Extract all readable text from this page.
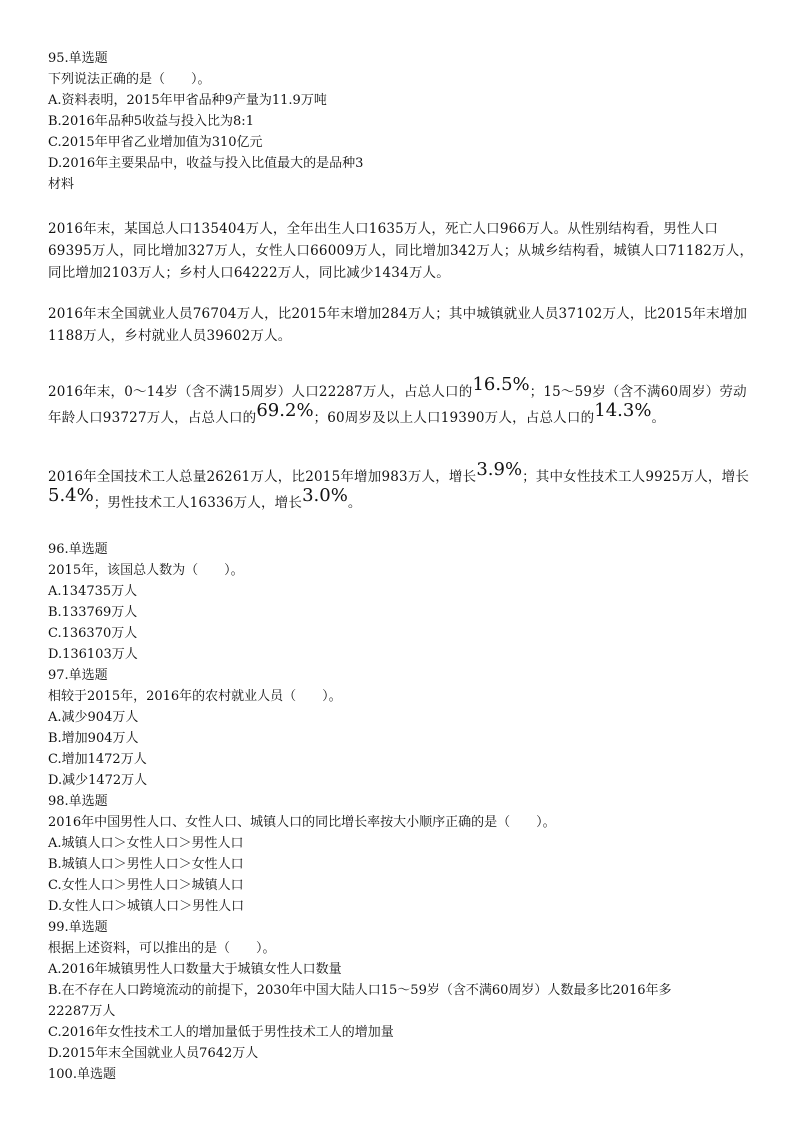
95.单选题
下列说法正确的是（　　）。
A.资料表明，2015年甲省品种9产量为11.9万吨
B.2016年品种5收益与投入比为8:1
C.2015年甲省乙业增加值为310亿元
D.2016年主要果品中，收益与投入比值最大的是品种3
材料
2016年末，某国总人口135404万人，全年出生人口1635万人，死亡人口966万人。从性别结构看，男性人口
69395万人，同比增加327万人，女性人口66009万人，同比增加342万人；从城乡结构看，城镇人口71182万人，
同比增加2103万人；乡村人口64222万人，同比减少1434万人。
2016年末全国就业人员76704万人，比2015年末增加284万人；其中城镇就业人员37102万人，比2015年末增加
1188万人，乡村就业人员39602万人。
2016年末，0～14岁（含不满15周岁）人口22287万人，占总人口的16.5%；15～59岁（含不满60周岁）劳动
年龄人口93727万人，占总人口的69.2%；60周岁及以上人口19390万人，占总人口的14.3%。
2016年全国技术工人总量26261万人，比2015年增加983万人，增长3.9%；其中女性技术工人9925万人，增长
5.4%；男性技术工人16336万人，增长3.0%。
96.单选题
2015年，该国总人数为（　　）。
A.134735万人
B.133769万人
C.136370万人
D.136103万人
97.单选题
相较于2015年，2016年的农村就业人员（　　）。
A.减少904万人
B.增加904万人
C.增加1472万人
D.减少1472万人
98.单选题
2016年中国男性人口、女性人口、城镇人口的同比增长率按大小顺序正确的是（　　）。
A.城镇人口＞女性人口＞男性人口
B.城镇人口＞男性人口＞女性人口
C.女性人口＞男性人口＞城镇人口
D.女性人口＞城镇人口＞男性人口
99.单选题
根据上述资料，可以推出的是（　　）。
A.2016年城镇男性人口数量大于城镇女性人口数量
B.在不存在人口跨境流动的前提下，2030年中国大陆人口15～59岁（含不满60周岁）人数最多比2016年多
22287万人
C.2016年女性技术工人的增加量低于男性技术工人的增加量
D.2015年末全国就业人员7642万人
100.单选题
